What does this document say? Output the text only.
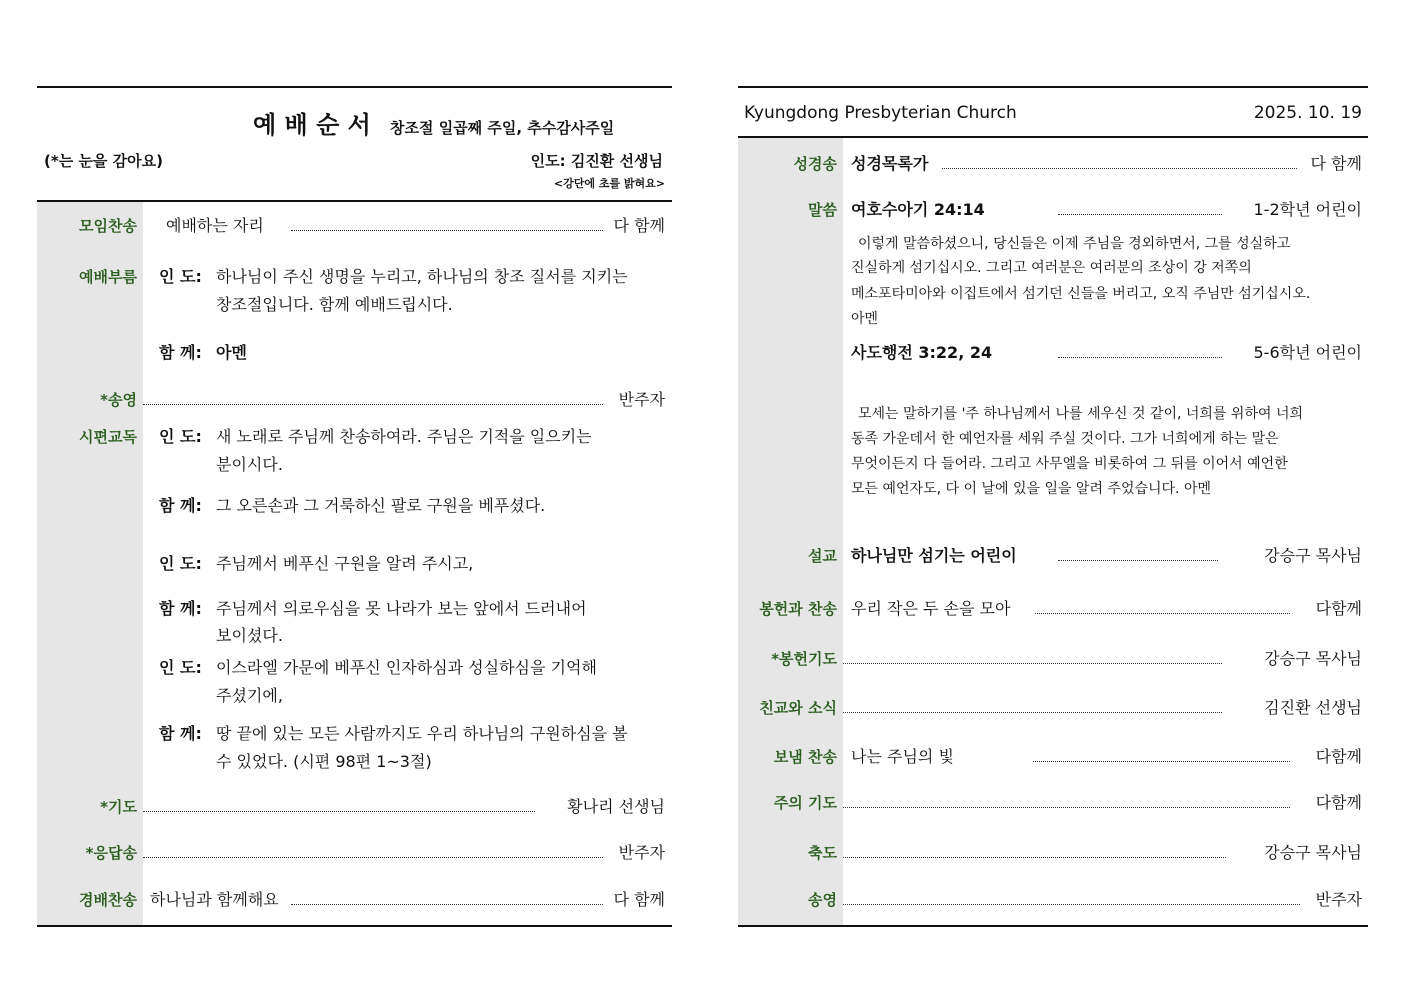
예 배 순 서 창조절 일곱째 주일, 추수감사주일
(*는 눈을 감아요)	인도: 김진환 선생님
<강단에 초를 밝혀요>
모임찬송 예배하는 자리	다 함께
예배부름 인 도: 하나님이 주신 생명을 누리고, 하나님의 창조 질서를 지키는
창조절입니다. 함께 예배드립시다.
함 께: 아멘
*송영	반주자
시편교독 인 도: 새 노래로 주님께 찬송하여라. 주님은 기적을 일으키는
분이시다.
함 께: 그 오른손과 그 거룩하신 팔로 구원을 베푸셨다.
인 도: 주님께서 베푸신 구원을 알려 주시고,
함 께: 주님께서 의로우심을 못 나라가 보는 앞에서 드러내어
보이셨다.
인 도: 이스라엘 가문에 베푸신 인자하심과 성실하심을 기억해
주셨기에,
함 께: 땅 끝에 있는 모든 사람까지도 우리 하나님의 구원하심을 볼
수 있었다. (시편 98편 1~3절)
*기도	황나리 선생님
*응답송	반주자
경배찬송 하나님과 함께해요	다 함께
Kyungdong Presbyterian Church	2025. 10. 19
성경송 성경목록가	다 함께
말씀 여호수아기 24:14	1-2학년 어린이
이렇게 말씀하셨으니, 당신들은 이제 주님을 경외하면서, 그를 성실하고
진실하게 섬기십시오. 그리고 여러분은 여러분의 조상이 강 저쪽의
메소포타미아와 이집트에서 섬기던 신들을 버리고, 오직 주님만 섬기십시오.
아멘
사도행전 3:22, 24	5-6학년 어린이
모세는 말하기를 '주 하나님께서 나를 세우신 것 같이, 너희를 위하여 너희
동족 가운데서 한 예언자를 세워 주실 것이다. 그가 너희에게 하는 말은
무엇이든지 다 들어라. 그리고 사무엘을 비롯하여 그 뒤를 이어서 예언한
모든 예언자도, 다 이 날에 있을 일을 알려 주었습니다. 아멘
설교 하나님만 섬기는 어린이	강승구 목사님
봉헌과 찬송 우리 작은 두 손을 모아	다함께
*봉헌기도	강승구 목사님
친교와 소식	김진환 선생님
보냄 찬송 나는 주님의 빛	다함께
주의 기도	다함께
축도	강승구 목사님
송영	반주자
